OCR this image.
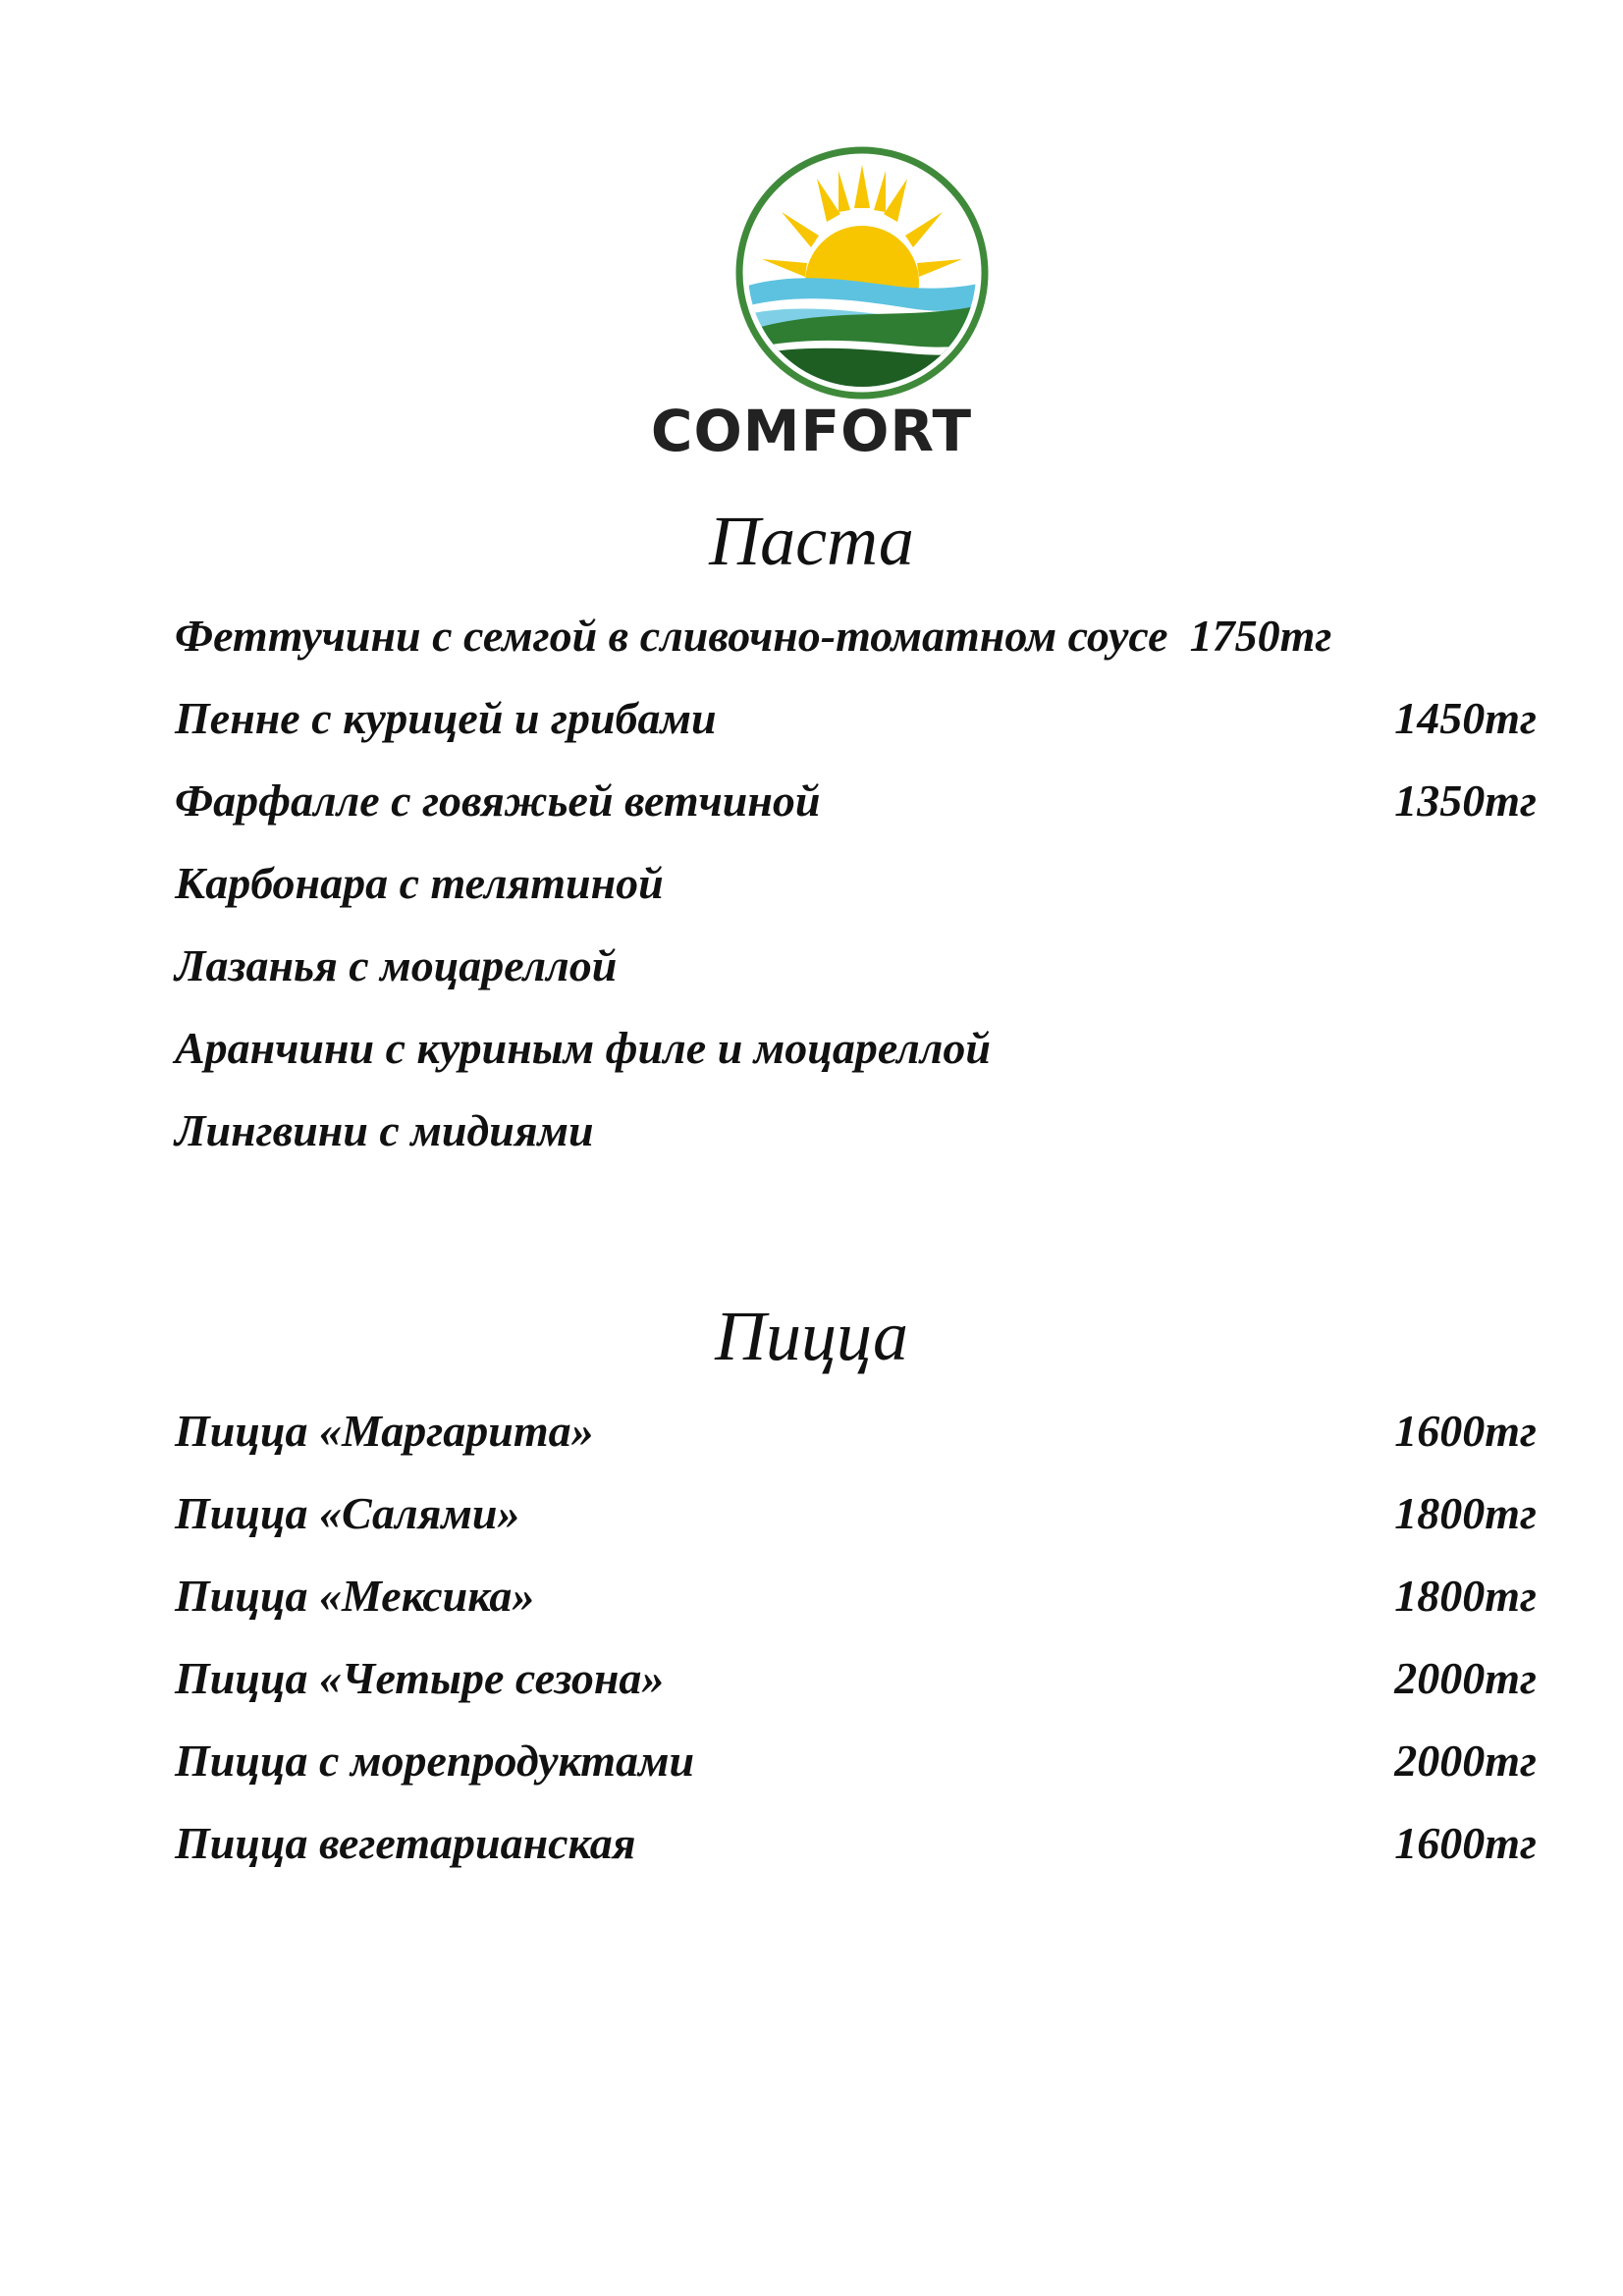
COMFORT
Паста
Феттучини с семгой в сливочно-томатном соусе 1750тг
Пенне с курицей и грибами	1450тг
Фарфалле с говяжьей ветчиной	1350тг
Карбонара с телятиной
Лазанья с моцареллой
Аранчини с куриным филе и моцареллой
Лингвини с мидиями
Пицца
Пицца «Маргарита»	1600тг
Пицца «Салями»	1800тг
Пицца «Мексика»	1800тг
Пицца «Четыре сезона»	2000тг
Пицца с морепродуктами	2000тг
Пицца вегетарианская	1600тг
